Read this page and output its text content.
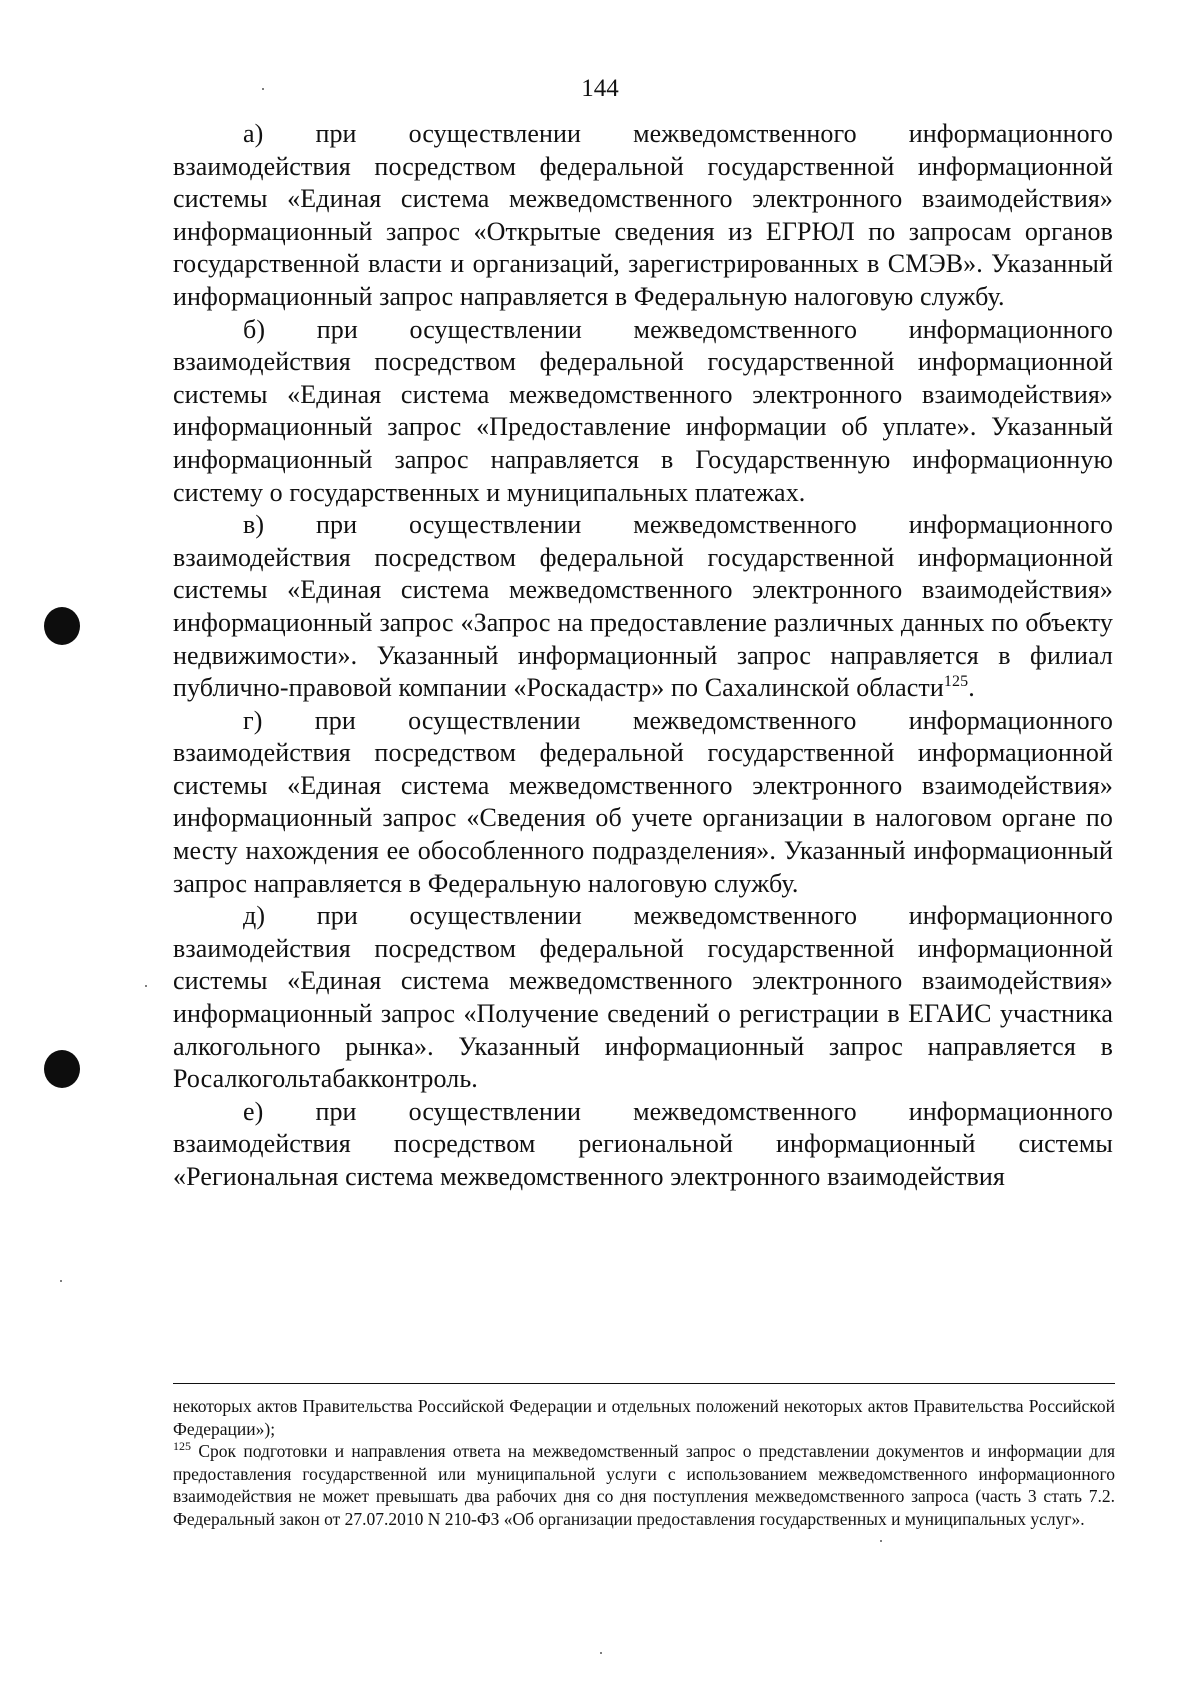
144

а) при осуществлении межведомственного информационного взаимодействия посредством федеральной государственной информационной системы «Единая система межведомственного электронного взаимодействия» информационный запрос «Открытые сведения из ЕГРЮЛ по запросам органов государственной власти и организаций, зарегистрированных в СМЭВ». Указанный информационный запрос направляется в Федеральную налоговую службу.

б) при осуществлении межведомственного информационного взаимодействия посредством федеральной государственной информационной системы «Единая система межведомственного электронного взаимодействия» информационный запрос «Предоставление информации об уплате». Указанный информационный запрос направляется в Государственную информационную систему о государственных и муниципальных платежах.

в) при осуществлении межведомственного информационного взаимодействия посредством федеральной государственной информационной системы «Единая система межведомственного электронного взаимодействия» информационный запрос «Запрос на предоставление различных данных по объекту недвижимости». Указанный информационный запрос направляется в филиал публично-правовой компании «Роскадастр» по Сахалинской области$^{125}$.

г) при осуществлении межведомственного информационного взаимодействия посредством федеральной государственной информационной системы «Единая система межведомственного электронного взаимодействия» информационный запрос «Сведения об учете организации в налоговом органе по месту нахождения ее обособленного подразделения». Указанный информационный запрос направляется в Федеральную налоговую службу.

д) при осуществлении межведомственного информационного взаимодействия посредством федеральной государственной информационной системы «Единая система межведомственного электронного взаимодействия» информационный запрос «Получение сведений о регистрации в ЕГАИС участника алкогольного рынка». Указанный информационный запрос направляется в Росалкогольтабакконтроль.

е) при осуществлении межведомственного информационного взаимодействия посредством региональной информационный системы «Региональная система межведомственного электронного взаимодействия

некоторых актов Правительства Российской Федерации и отдельных положений некоторых актов Правительства Российской Федерации»);

$^{125}$ Срок подготовки и направления ответа на межведомственный запрос о представлении документов и информации для предоставления государственной или муниципальной услуги с использованием межведомственного информационного взаимодействия не может превышать два рабочих дня со дня поступления межведомственного запроса (часть 3 стать 7.2. Федеральный закон от 27.07.2010 N 210-ФЗ «Об организации предоставления государственных и муниципальных услуг».
